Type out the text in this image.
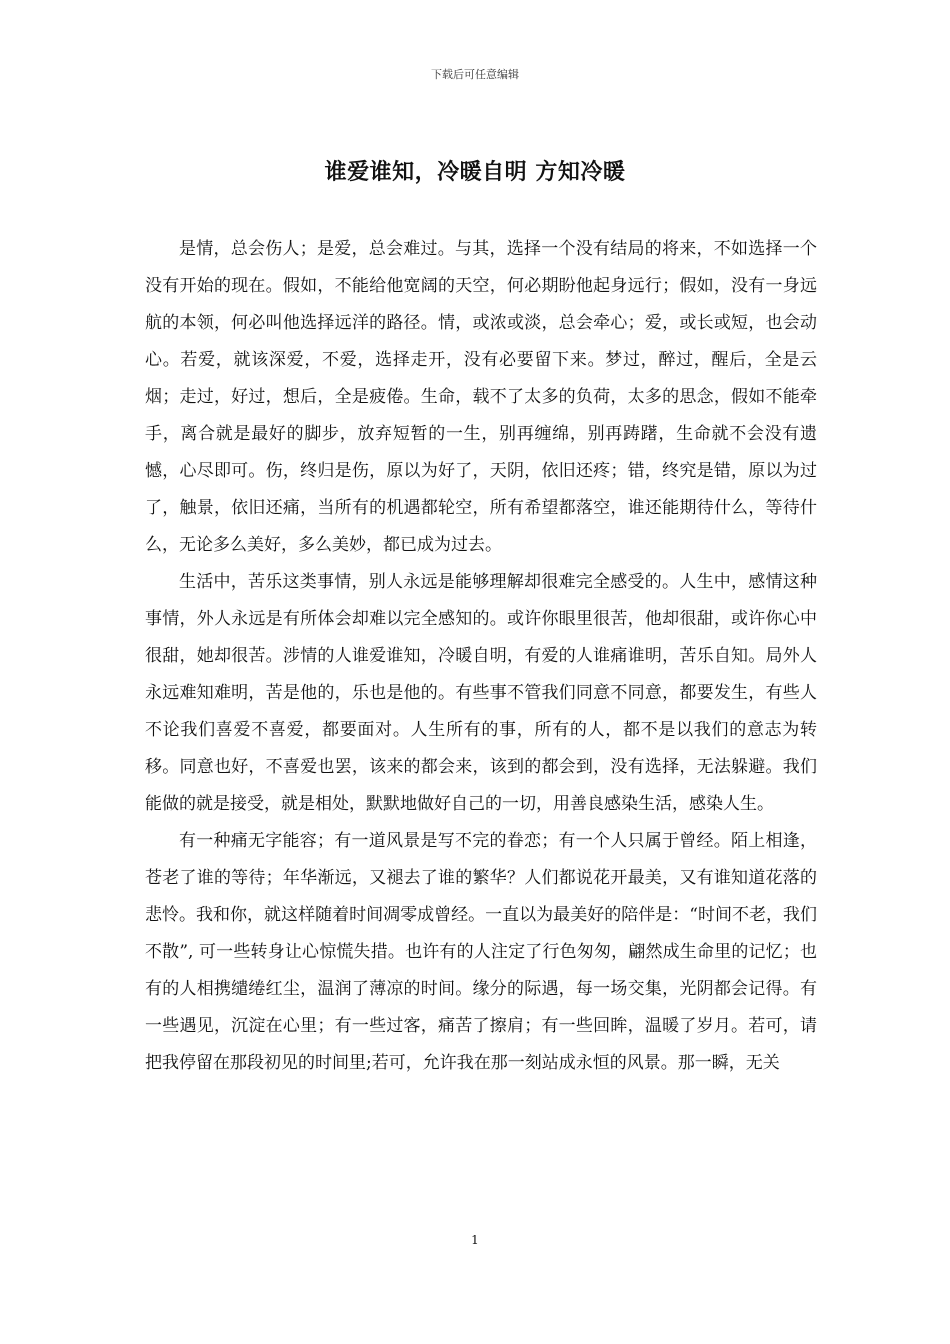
下载后可任意编辑
谁爱谁知，冷暖自明 方知冷暖

是情，总会伤人；是爱，总会难过。与其，选择一个没有结局的将来，不如选择一个没有开始的现在。假如，不能给他宽阔的天空，何必期盼他起身远行；假如，没有一身远航的本领，何必叫他选择远洋的路径。情，或浓或淡，总会牵心；爱，或长或短，也会动心。若爱，就该深爱，不爱，选择走开，没有必要留下来。梦过，醉过，醒后，全是云烟；走过，好过，想后，全是疲倦。生命，载不了太多的负荷，太多的思念，假如不能牵手，离合就是最好的脚步，放弃短暂的一生，别再缠绵，别再踌躇，生命就不会没有遗憾，心尽即可。伤，终归是伤，原以为好了，天阴，依旧还疼；错，终究是错，原以为过了，触景，依旧还痛，当所有的机遇都轮空，所有希望都落空，谁还能期待什么，等待什么，无论多么美好，多么美妙，都已成为过去。

生活中，苦乐这类事情，别人永远是能够理解却很难完全感受的。人生中，感情这种事情，外人永远是有所体会却难以完全感知的。或许你眼里很苦，他却很甜，或许你心中很甜，她却很苦。涉情的人谁爱谁知，冷暖自明，有爱的人谁痛谁明，苦乐自知。局外人永远难知难明，苦是他的，乐也是他的。有些事不管我们同意不同意，都要发生，有些人不论我们喜爱不喜爱，都要面对。人生所有的事，所有的人，都不是以我们的意志为转移。同意也好，不喜爱也罢，该来的都会来，该到的都会到，没有选择，无法躲避。我们能做的就是接受，就是相处，默默地做好自己的一切，用善良感染生活，感染人生。

有一种痛无字能容；有一道风景是写不完的眷恋；有一个人只属于曾经。陌上相逢，苍老了谁的等待；年华渐远，又褪去了谁的繁华？人们都说花开最美，又有谁知道花落的悲怜。我和你，就这样随着时间凋零成曾经。一直以为最美好的陪伴是：“时间不老，我们不散”, 可一些转身让心惊慌失措。也许有的人注定了行色匆匆，翩然成生命里的记忆；也有的人相携缱绻红尘，温润了薄凉的时间。缘分的际遇，每一场交集，光阴都会记得。有一些遇见，沉淀在心里；有一些过客，痛苦了擦肩；有一些回眸，温暖了岁月。若可，请把我停留在那段初见的时间里;若可，允许我在那一刻站成永恒的风景。那一瞬，无关

1
